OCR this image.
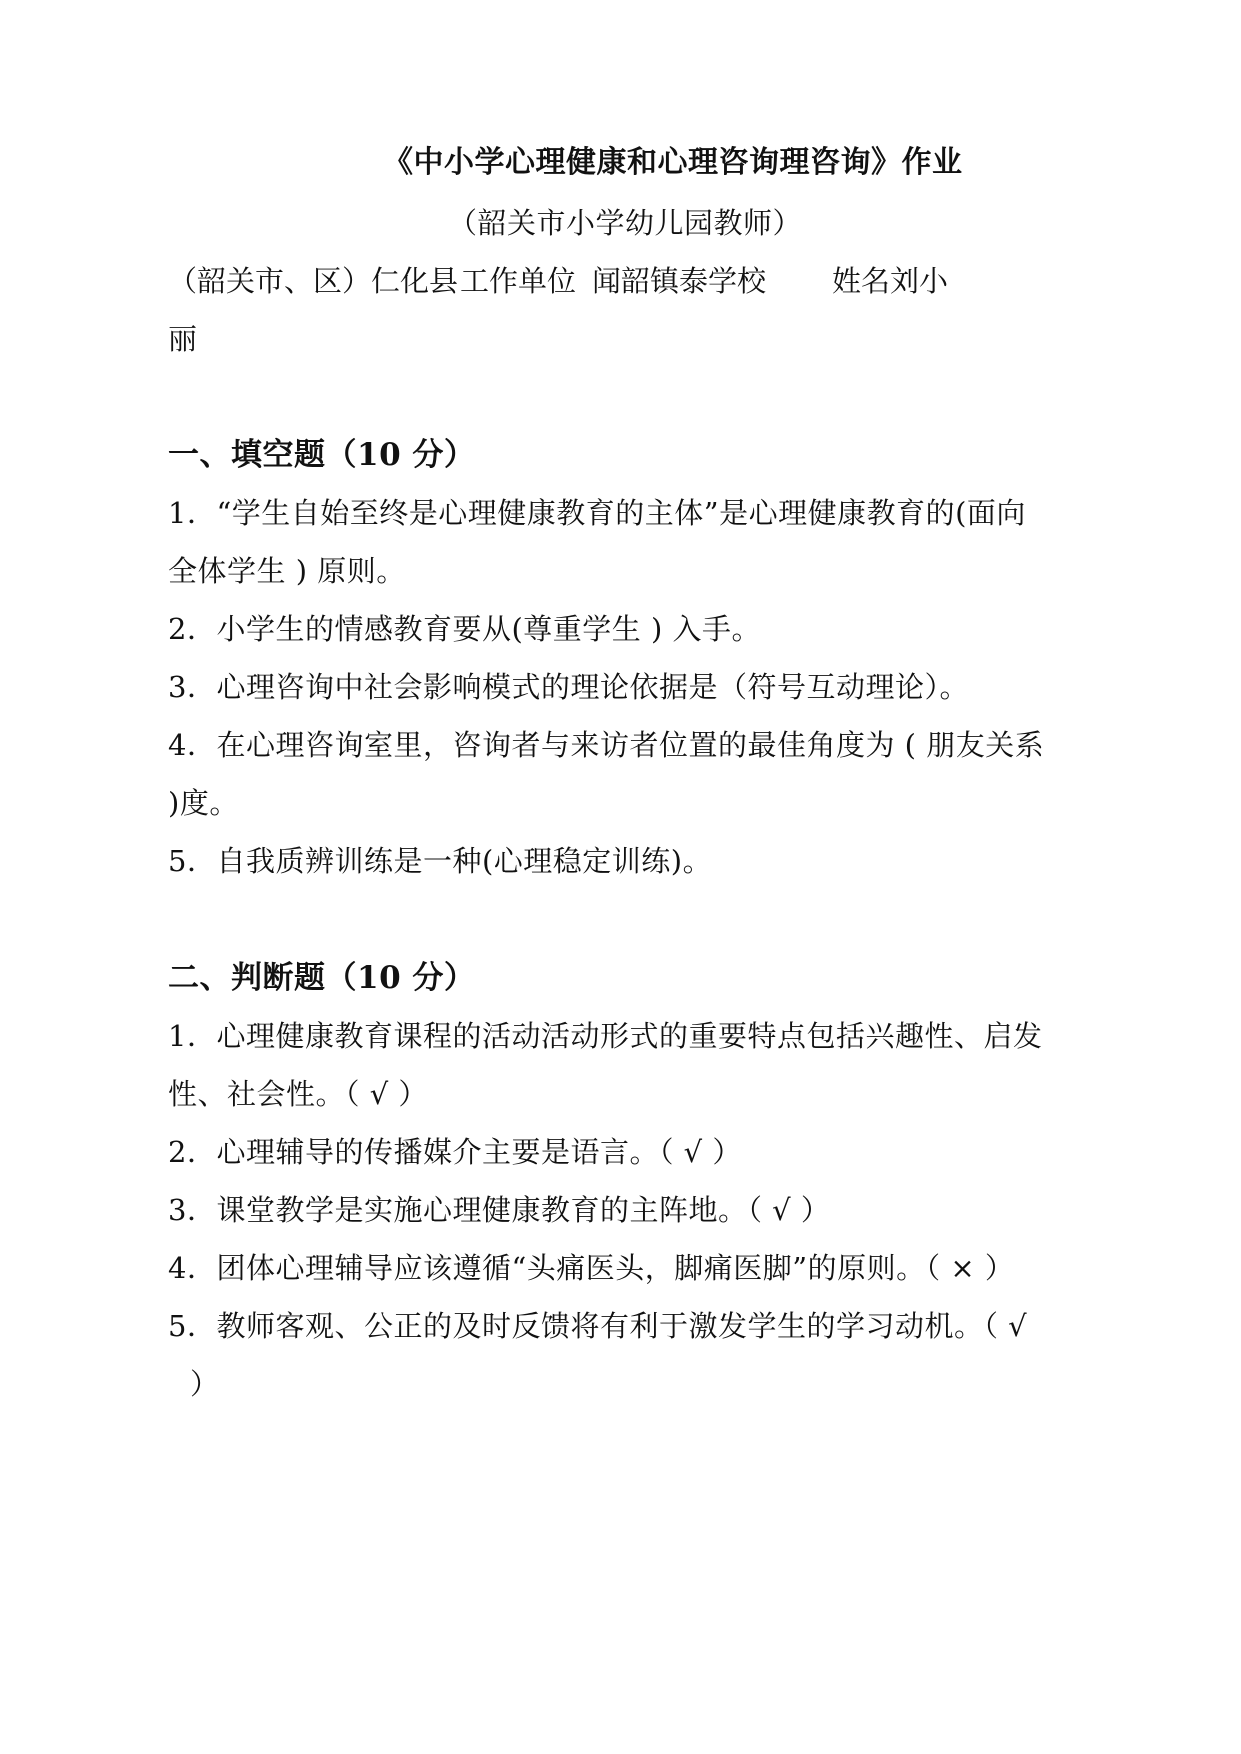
《中小学心理健康和心理咨询理咨询》作业
（韶关市小学幼儿园教师）
（韶关市、区）仁化县 工作单位 闻韶镇泰学校 姓名 刘小
丽
一、填空题（10 分）
1．“学生自始至终是心理健康教育的主体”是心理健康教育的(面向
全体学生 ) 原则。
2．小学生的情感教育要从(尊重学生 ) 入手。
3．心理咨询中社会影响模式的理论依据是（符号互动理论）。
4．在心理咨询室里，咨询者与来访者位置的最佳角度为 ( 朋友关系
)度。
5．自我质辨训练是一种(心理稳定训练)。
二、判断题（10 分）
1．心理健康教育课程的活动活动形式的重要特点包括兴趣性、启发
性、社会性。（ √ ）
2．心理辅导的传播媒介主要是语言。（ √ ）
3．课堂教学是实施心理健康教育的主阵地。（ √ ）
4．团体心理辅导应该遵循“头痛医头，脚痛医脚”的原则。（ × ）
5．教师客观、公正的及时反馈将有利于激发学生的学习动机。（ √
）
